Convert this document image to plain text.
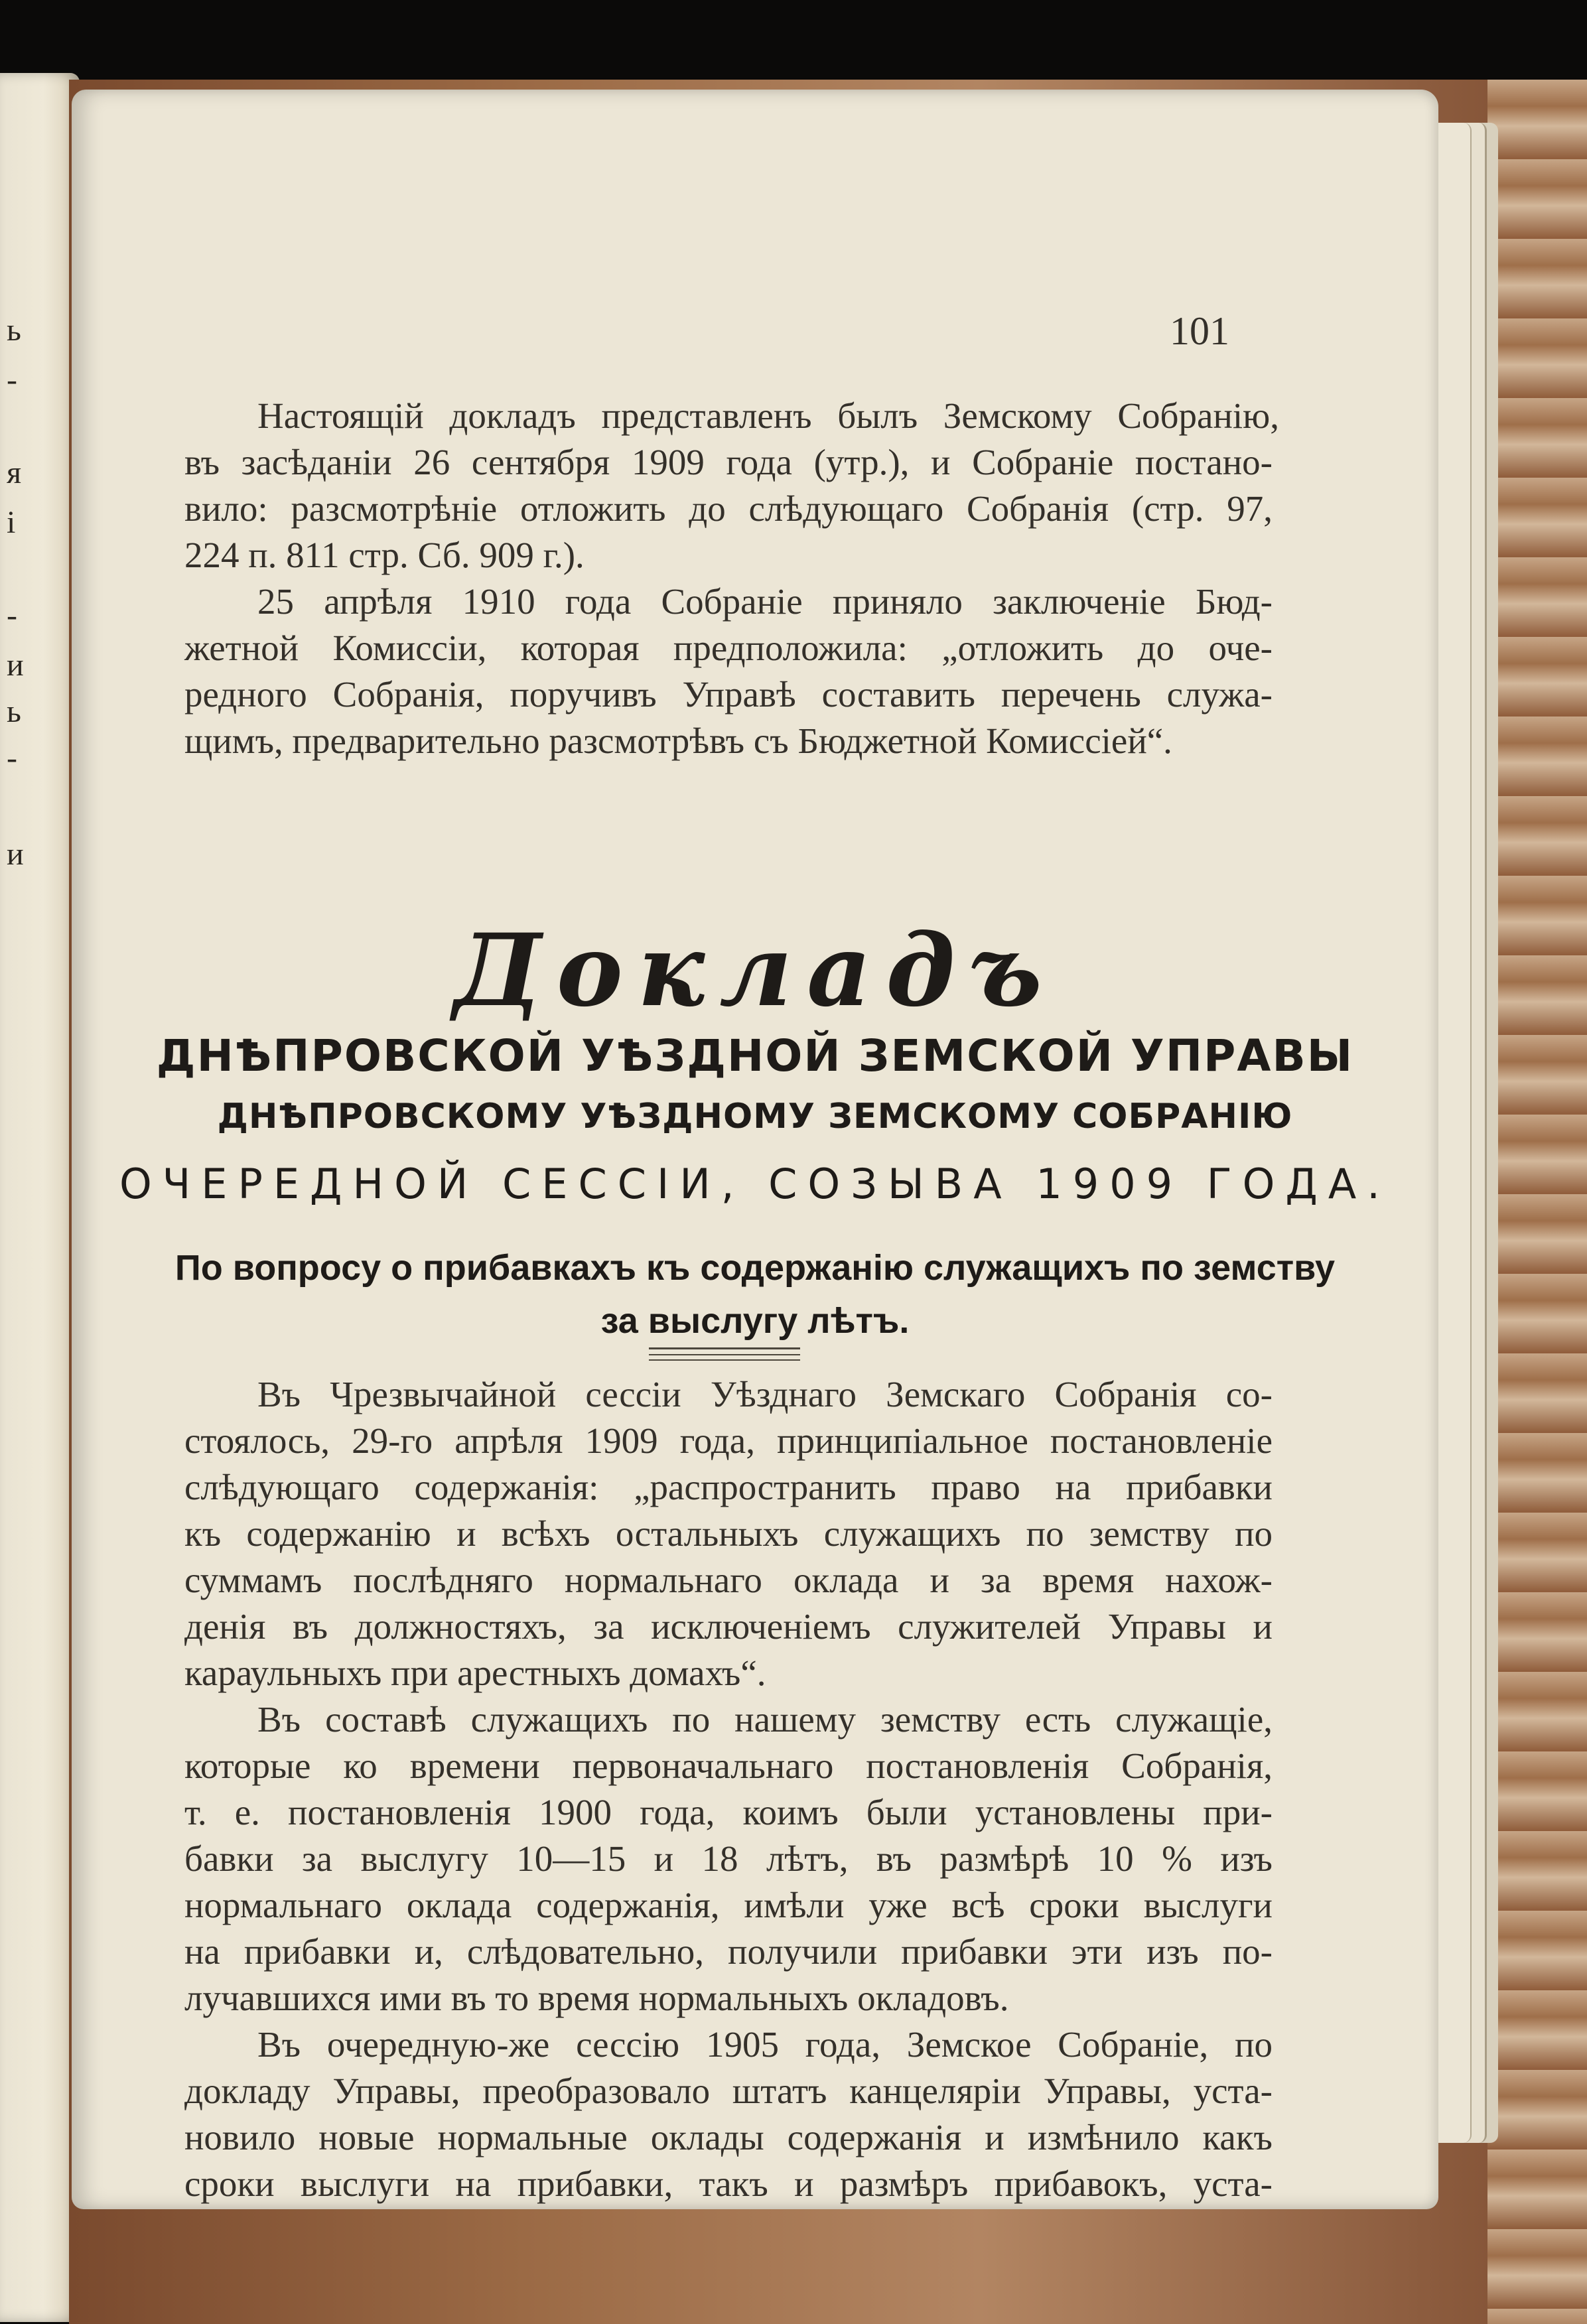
ь
-
я
і
-
и
ь
-
и
101
Настоящій докладъ представленъ былъ Земскому Собранію,
въ засѣданіи 26 сентября 1909 года (утр.), и Собраніе постано-
вило: разсмотрѣніе отложить до слѣдующаго Собранія (стр. 97,
224 п. 811 стр. Сб. 909 г.).
25 апрѣля 1910 года Собраніе приняло заключеніе Бюд-
жетной Комиссіи, которая предположила: „отложить до оче-
редного Собранія, поручивъ Управѣ составить перечень служа-
щимъ, предварительно разсмотрѣвъ съ Бюджетной Комиссіей“.
Докладъ
ДНѢПРОВСКОЙ УѢЗДНОЙ ЗЕМСКОЙ УПРАВЫ
ДНѢПРОВСКОМУ УѢЗДНОМУ ЗЕМСКОМУ СОБРАНІЮ
ОЧЕРЕДНОЙ СЕССІИ, СОЗЫВА 1909 ГОДА.
По вопросу о прибавкахъ къ содержанію служащихъ по земству
за выслугу лѣтъ.
Въ Чрезвычайной сессіи Уѣзднаго Земскаго Собранія со-
стоялось, 29-го апрѣля 1909 года, принципіальное постановленіе
слѣдующаго содержанія: „распространить право на прибавки
къ содержанію и всѣхъ остальныхъ служащихъ по земству по
суммамъ послѣдняго нормальнаго оклада и за время нахож-
денія въ должностяхъ, за исключеніемъ служителей Управы и
караульныхъ при арестныхъ домахъ“.
Въ составѣ служащихъ по нашему земству есть служащіе,
которые ко времени первоначальнаго постановленія Собранія,
т. е. постановленія 1900 года, коимъ были установлены при-
бавки за выслугу 10—15 и 18 лѣтъ, въ размѣрѣ 10 % изъ
нормальнаго оклада содержанія, имѣли уже всѣ сроки выслуги
на прибавки и, слѣдовательно, получили прибавки эти изъ по-
лучавшихся ими въ то время нормальныхъ окладовъ.
Въ очередную-же сессію 1905 года, Земское Собраніе, по
докладу Управы, преобразовало штатъ канцеляріи Управы, уста-
новило новые нормальные оклады содержанія и измѣнило какъ
сроки выслуги на прибавки, такъ и размѣръ прибавокъ, уста-
